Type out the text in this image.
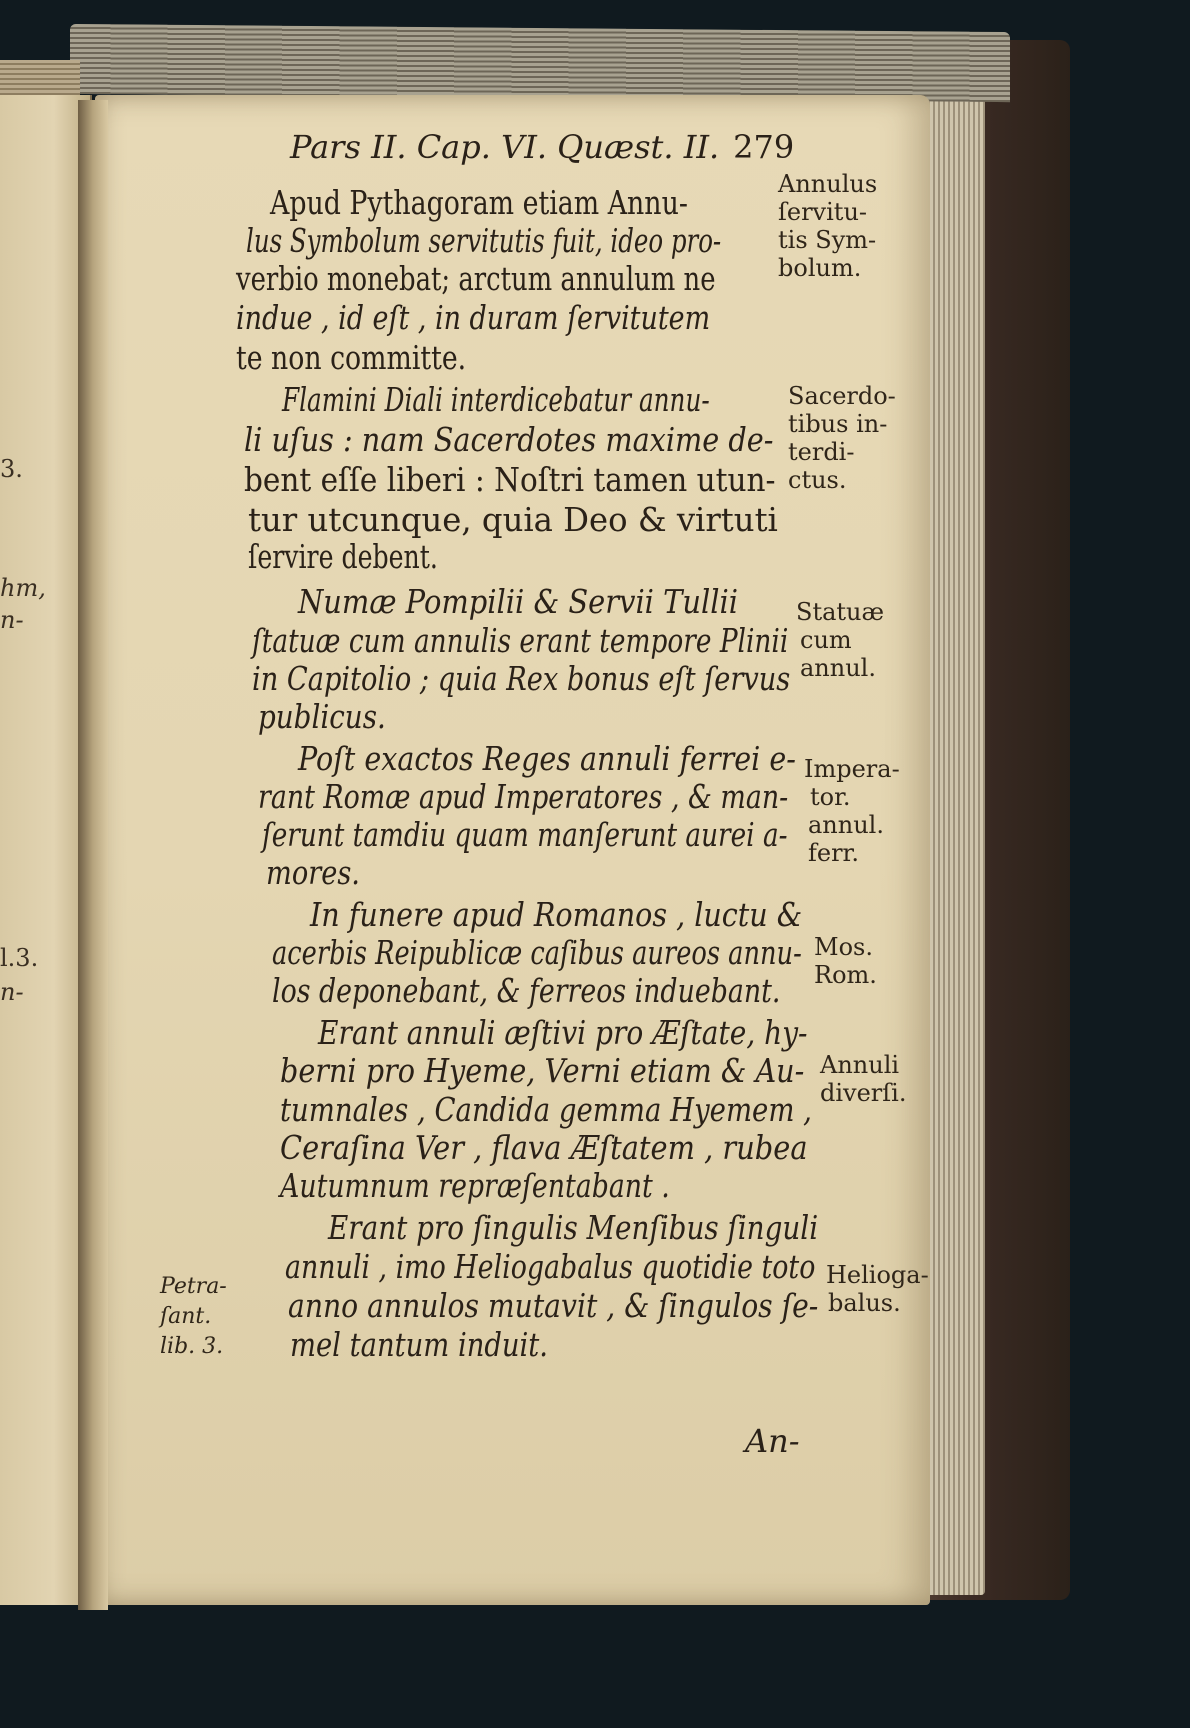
Pars II. Cap. VI. Quæst. II. 279
3.
hm,
n-
l.3.
n-
Apud Pythagoram etiam Annu-
lus Symbolum servitutis fuit, ideo pro-
verbio monebat; arctum annulum ne
indue , id eſt , in duram ſervitutem
te non committe.
Flamini Diali interdicebatur annu-
li uſus : nam Sacerdotes maxime de-
bent eſſe liberi : Noſtri tamen utun-
tur utcunque, quia Deo & virtuti
ſervire debent.
Numæ Pompilii & Servii Tullii
ſtatuæ cum annulis erant tempore Plinii
in Capitolio ; quia Rex bonus eſt ſervus
publicus.
Poſt exactos Reges annuli ferrei e-
rant Romæ apud Imperatores , & man-
ſerunt tamdiu quam manſerunt aurei a-
mores.
In funere apud Romanos , luctu &
acerbis Reipublicæ caſibus aureos annu-
los deponebant, & ferreos induebant.
Erant annuli æſtivi pro Æſtate, hy-
berni pro Hyeme, Verni etiam & Au-
tumnales , Candida gemma Hyemem ,
Ceraſina Ver , flava Æſtatem , rubea
Autumnum repræſentabant .
Erant pro ſingulis Menſibus ſinguli
annuli , imo Heliogabalus quotidie toto
anno annulos mutavit , & ſingulos ſe-
mel tantum induit.
Annulus
ſervitu-
tis Sym-
bolum.
Sacerdo-
tibus in-
terdi-
ctus.
Statuæ
cum
annul.
Impera-
tor.
annul.
ferr.
Mos.
Rom.
Annuli
diverſi.
Helioga-
balus.
Petra-
ſant.
lib. 3.
An-
